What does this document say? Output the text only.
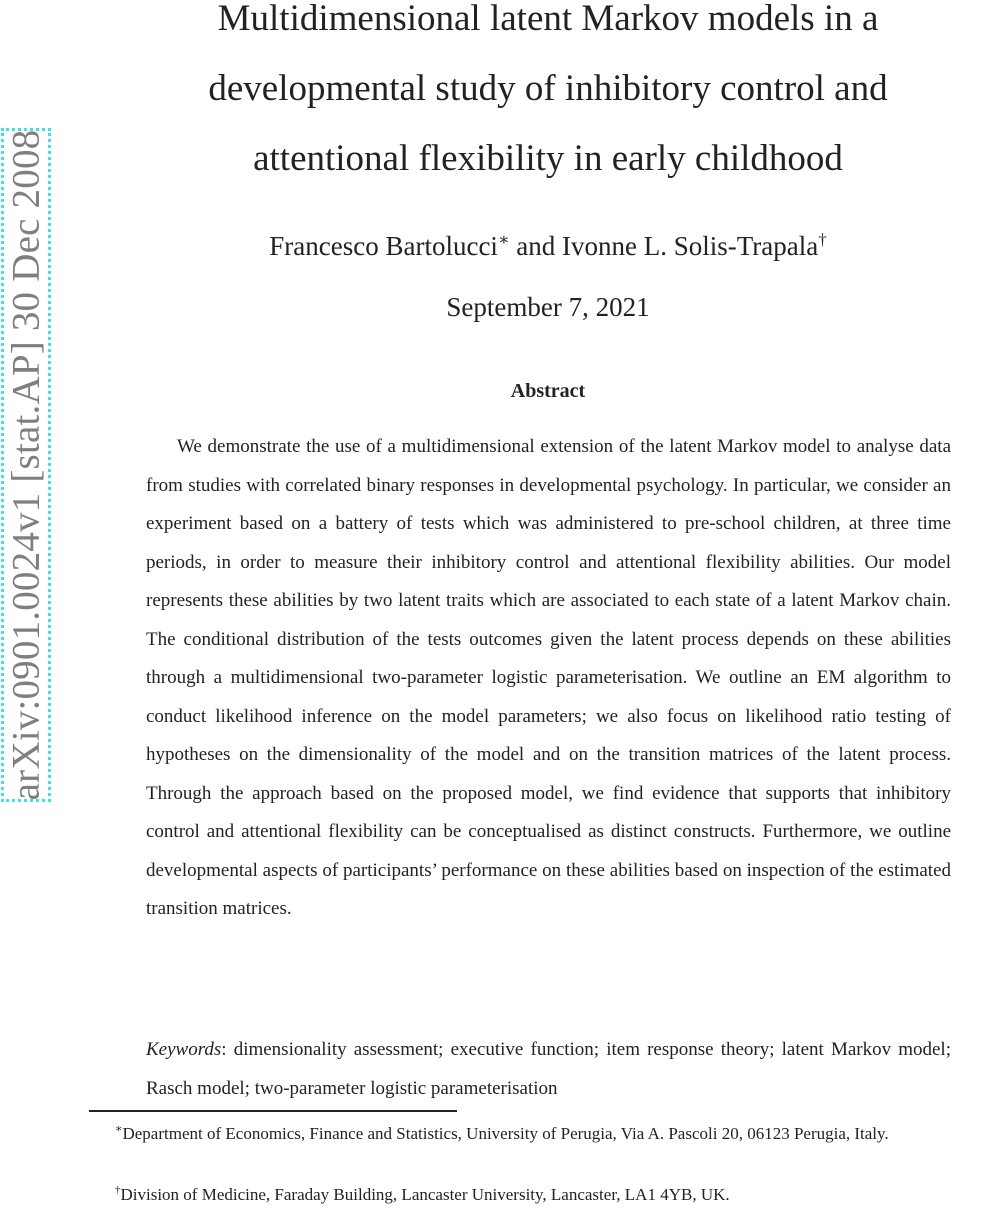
arXiv:0901.0024v1 [stat.AP] 30 Dec 2008
Multidimensional latent Markov models in a
developmental study of inhibitory control and
attentional flexibility in early childhood
Francesco Bartolucci∗ and Ivonne L. Solis-Trapala†
September 7, 2021
Abstract

We demonstrate the use of a multidimensional extension of the latent Markov model to analyse data from studies with correlated binary responses in developmental psychology. In particular, we consider an experiment based on a battery of tests which was administered to pre-school children, at three time periods, in order to measure their inhibitory control and attentional flexibility abilities. Our model represents these abilities by two latent traits which are associated to each state of a latent Markov chain. The conditional distribution of the tests outcomes given the latent process depends on these abilities through a multidimensional two-parameter logistic parameterisation. We outline an EM algorithm to conduct likelihood inference on the model parameters; we also focus on likelihood ratio testing of hypotheses on the dimensionality of the model and on the transition matrices of the latent process. Through the approach based on the proposed model, we find evidence that supports that inhibitory control and attentional flexibility can be conceptualised as distinct constructs. Furthermore, we outline developmental aspects of participants’ performance on these abilities based on inspection of the estimated transition matrices.

Keywords: dimensionality assessment; executive function; item response theory; latent Markov model; Rasch model; two-parameter logistic parameterisation

∗Department of Economics, Finance and Statistics, University of Perugia, Via A. Pascoli 20, 06123 Perugia, Italy.

†Division of Medicine, Faraday Building, Lancaster University, Lancaster, LA1 4YB, UK.
